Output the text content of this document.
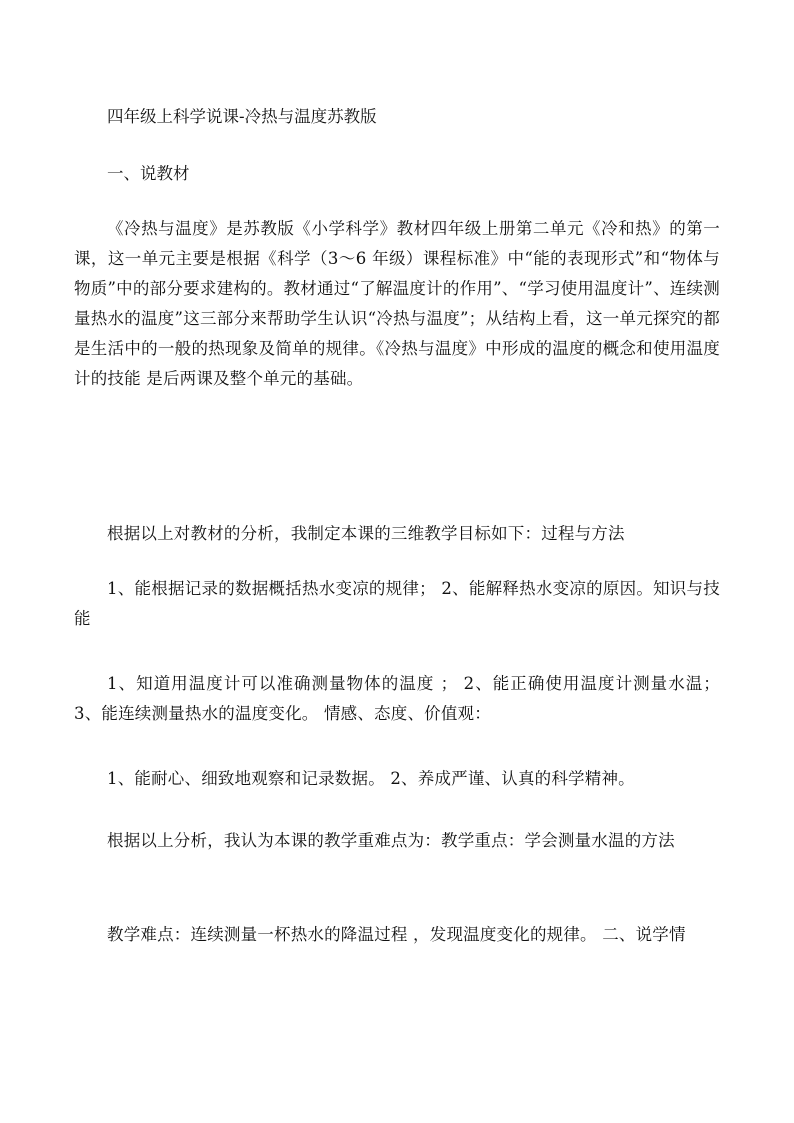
四年级上科学说课-冷热与温度苏教版

一、说教材

《冷热与温度》是苏教版《小学科学》教材四年级上册第二单元《冷和热》的第一课，这一单元主要是根据《科学（3～6 年级）课程标准》中“能的表现形式”和“物体与物质”中的部分要求建构的。教材通过“了解温度计的作用”、“学习使用温度计”、连续测量热水的温度”这三部分来帮助学生认识“冷热与温度”；从结构上看，这一单元探究的都是生活中的一般的热现象及简单的规律。《冷热与温度》中形成的温度的概念和使用温度计的技能 是后两课及整个单元的基础。

根据以上对教材的分析，我制定本课的三维教学目标如下：过程与方法

1、能根据记录的数据概括热水变凉的规律； 2、能解释热水变凉的原因。知识与技能

1、知道用温度计可以准确测量物体的温度 ； 2、能正确使用温度计测量水温； 3、能连续测量热水的温度变化。 情感、态度、价值观：

1、能耐心、细致地观察和记录数据。 2、养成严谨、认真的科学精神。

根据以上分析，我认为本课的教学重难点为：教学重点：学会测量水温的方法

教学难点：连续测量一杯热水的降温过程 ，发现温度变化的规律。 二、说学情
